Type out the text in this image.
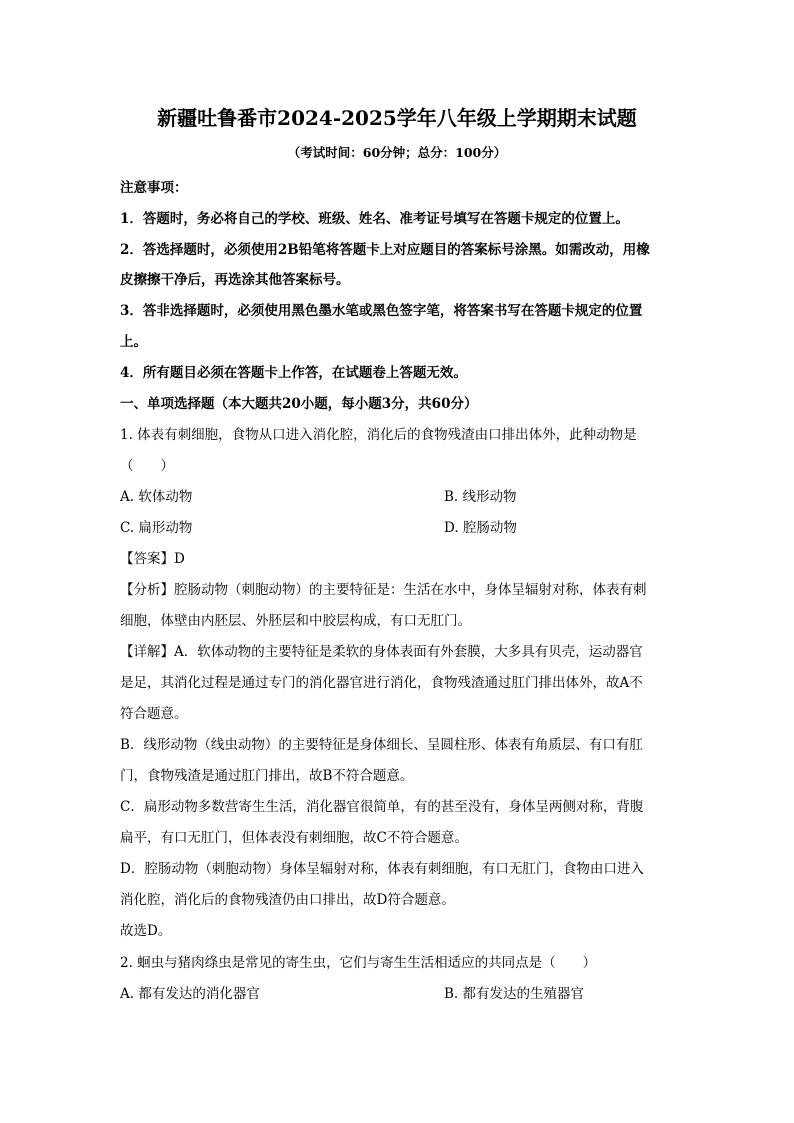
新疆吐鲁番市2024-2025学年八年级上学期期末试题
（考试时间：60分钟；总分：100分）
注意事项：
1．答题时，务必将自己的学校、班级、姓名、准考证号填写在答题卡规定的位置上。
2．答选择题时，必须使用2B铅笔将答题卡上对应题目的答案标号涂黑。如需改动，用橡
皮擦擦干净后，再选涂其他答案标号。
3．答非选择题时，必须使用黑色墨水笔或黑色签字笔，将答案书写在答题卡规定的位置
上。
4．所有题目必须在答题卡上作答，在试题卷上答题无效。
一、单项选择题（本大题共20小题，每小题3分，共60分）
1. 体表有刺细胞，食物从口进入消化腔，消化后的食物残渣由口排出体外，此种动物是
（　　）
A. 软体动物	B. 线形动物
C. 扁形动物	D. 腔肠动物
【答案】D
【分析】腔肠动物（刺胞动物）的主要特征是：生活在水中，身体呈辐射对称，体表有刺
细胞，体壁由内胚层、外胚层和中胶层构成，有口无肛门。
【详解】A．软体动物的主要特征是柔软的身体表面有外套膜，大多具有贝壳，运动器官
是足，其消化过程是通过专门的消化器官进行消化，食物残渣通过肛门排出体外，故A不
符合题意。
B．线形动物（线虫动物）的主要特征是身体细长、呈圆柱形、体表有角质层、有口有肛
门，食物残渣是通过肛门排出，故B不符合题意。
C．扁形动物多数营寄生生活，消化器官很简单，有的甚至没有，身体呈两侧对称，背腹
扁平，有口无肛门，但体表没有刺细胞，故C不符合题意。
D．腔肠动物（刺胞动物）身体呈辐射对称，体表有刺细胞，有口无肛门，食物由口进入
消化腔，消化后的食物残渣仍由口排出，故D符合题意。
故选D。
2. 蛔虫与猪肉绦虫是常见的寄生虫，它们与寄生生活相适应的共同点是（　　）
A. 都有发达的消化器官	B. 都有发达的生殖器官
